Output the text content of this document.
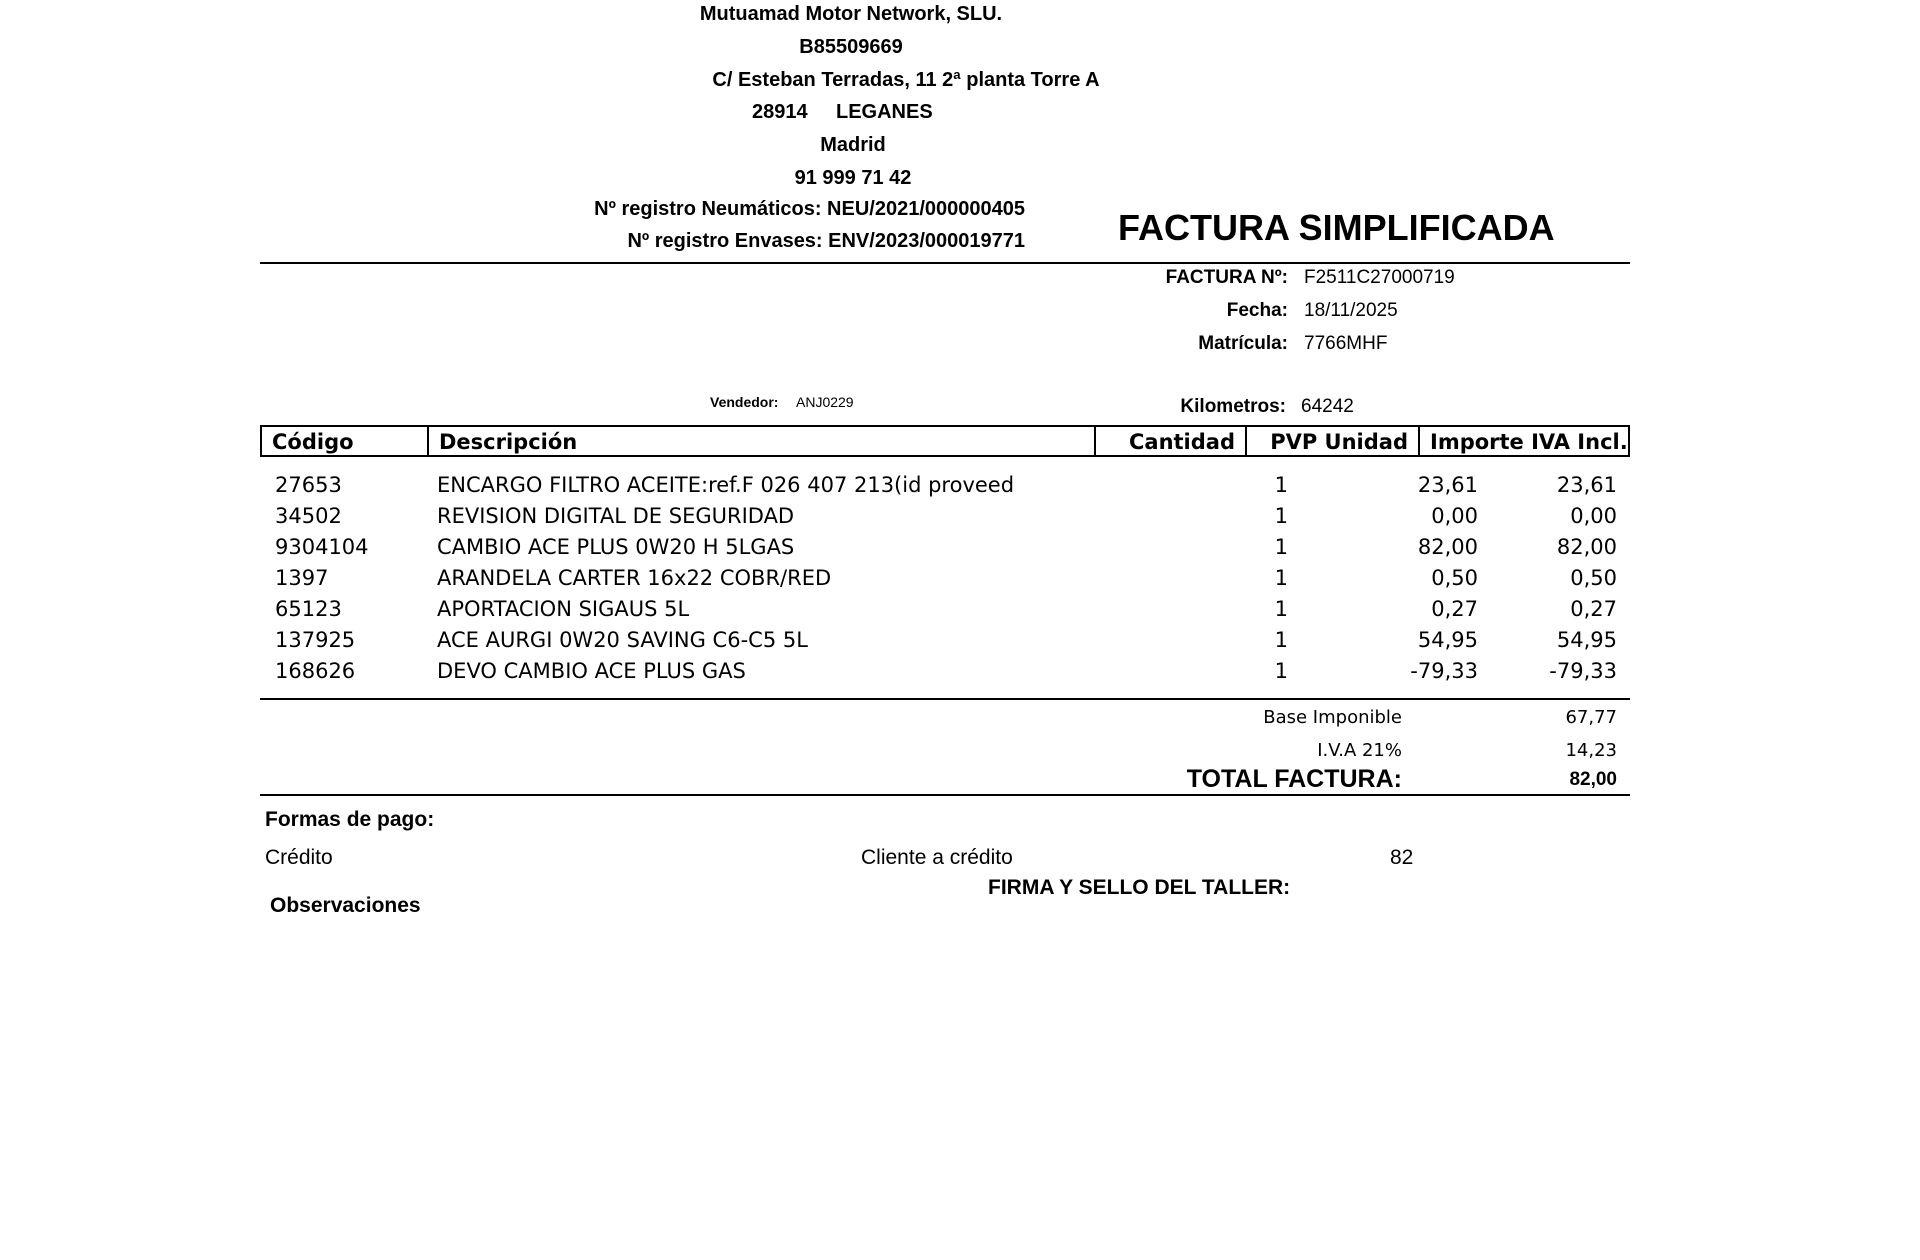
Mutuamad Motor Network, SLU.
B85509669
C/ Esteban Terradas, 11 2ª planta Torre A
28914 LEGANES
Madrid
91 999 71 42
Nº registro Neumáticos: NEU/2021/000000405
Nº registro Envases: ENV/2023/000019771	FACTURA SIMPLIFICADA
FACTURA Nº: F2511C27000719
Fecha: 18/11/2025
Matrícula: 7766MHF
Vendedor: ANJ0229	Kilometros: 64242
Código	Descripción	Cantidad	PVP Unidad	Importe IVA Incl.
27653	ENCARGO FILTRO ACEITE:ref.F 026 407 213(id proveed	1	23,61	23,61
34502	REVISION DIGITAL DE SEGURIDAD	1	0,00	0,00
9304104	CAMBIO ACE PLUS 0W20 H 5LGAS	1	82,00	82,00
1397	ARANDELA CARTER 16x22 COBR/RED	1	0,50	0,50
65123	APORTACION SIGAUS 5L	1	0,27	0,27
137925	ACE AURGI 0W20 SAVING C6-C5 5L	1	54,95	54,95
168626	DEVO CAMBIO ACE PLUS GAS	1	-79,33	-79,33
Base Imponible	67,77
I.V.A 21%	14,23
TOTAL FACTURA:	82,00
Formas de pago:
Crédito	Cliente a crédito	82
FIRMA Y SELLO DEL TALLER:
Observaciones
